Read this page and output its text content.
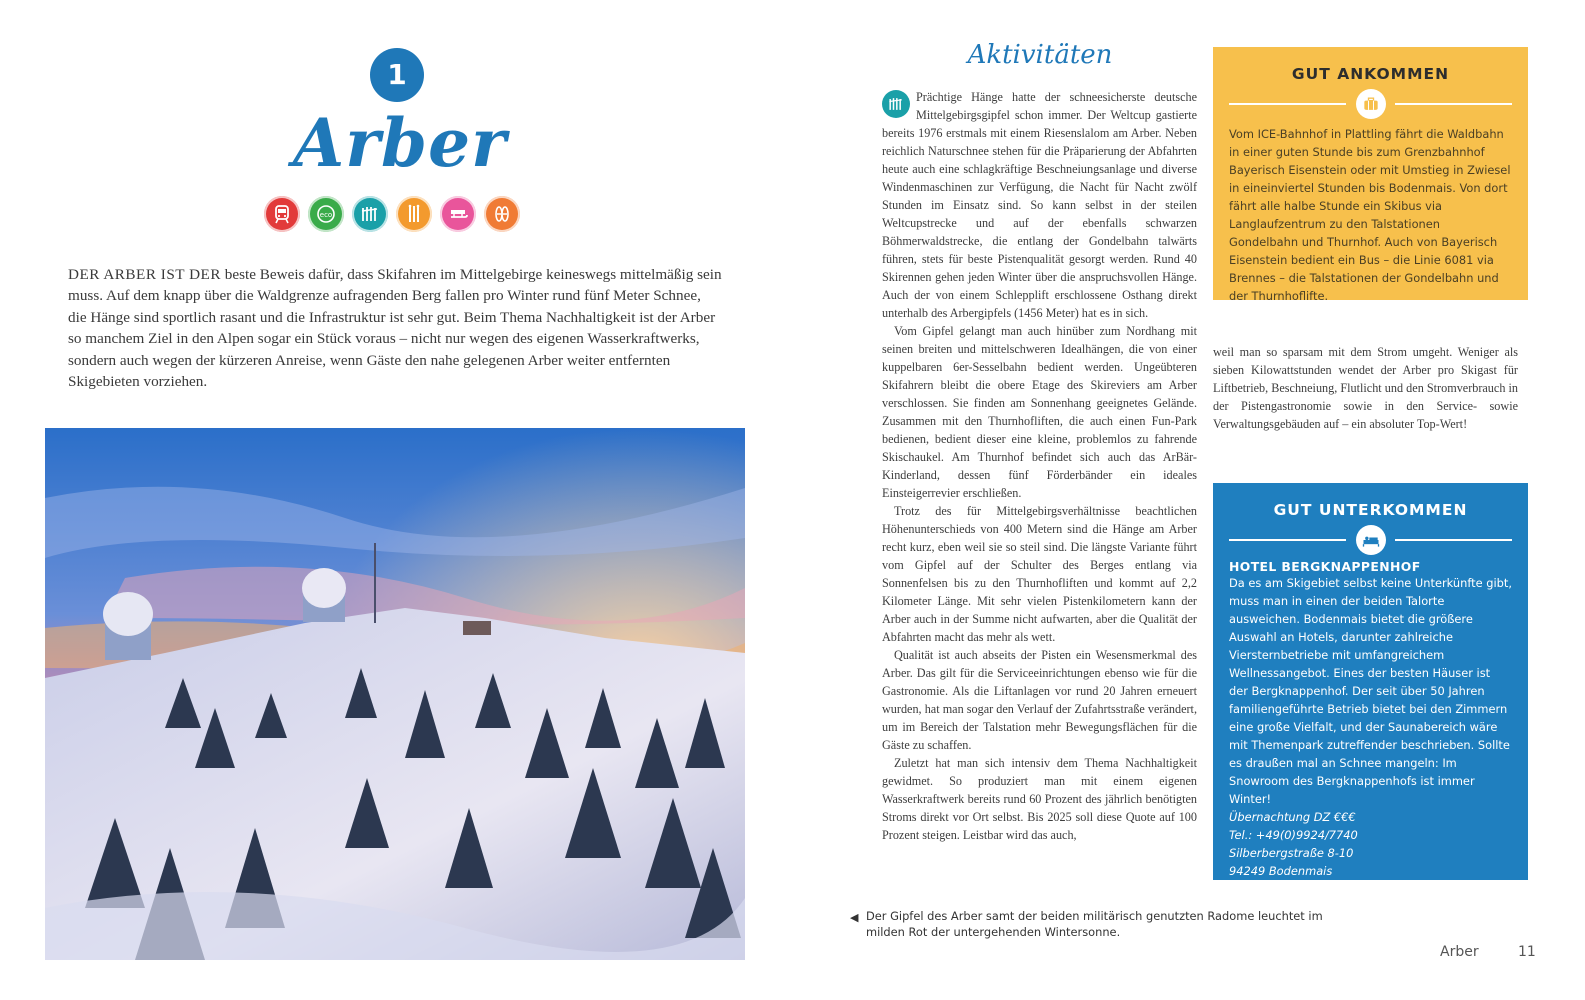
1
Arber
eco
DER ARBER IST DER beste Beweis dafür, dass Skifahren im Mittelgebirge keineswegs mittelmäßig sein muss. Auf dem knapp über die Waldgrenze aufragenden Berg fallen pro Winter rund fünf Meter Schnee, die Hänge sind sportlich rasant und die Infrastruktur ist sehr gut. Beim Thema Nachhaltigkeit ist der Arber so manchem Ziel in den Alpen sogar ein Stück voraus – nicht nur wegen des eigenen Wasserkraftwerks, sondern auch wegen der kürzeren Anreise, wenn Gäste den nahe gelegenen Arber weiter entfernten Skigebieten vorziehen.
Aktivitäten

Prächtige Hänge hatte der schneesicherste deutsche Mittelgebirgsgipfel schon immer. Der Weltcup gastierte bereits 1976 erstmals mit einem Riesenslalom am Arber. Neben reichlich Naturschnee stehen für die Präparierung der Abfahrten heute auch eine schlagkräftige Beschneiungsanlage und diverse Windenmaschinen zur Verfügung, die Nacht für Nacht zwölf Stunden im Einsatz sind. So kann selbst in der steilen Weltcupstrecke und auf der ebenfalls schwarzen Böhmerwaldstrecke, die entlang der Gondelbahn talwärts führen, stets für beste Pistenqualität gesorgt werden. Rund 40 Skirennen gehen jeden Winter über die anspruchsvollen Hänge. Auch der von einem Schlepplift erschlossene Osthang direkt unterhalb des Arbergipfels (1456 Meter) hat es in sich.

Vom Gipfel gelangt man auch hinüber zum Nordhang mit seinen breiten und mittelschweren Idealhängen, die von einer kuppelbaren 6er-Sesselbahn bedient werden. Ungeübteren Skifahrern bleibt die obere Etage des Skireviers am Arber verschlossen. Sie finden am Sonnenhang geeignetes Gelände. Zusammen mit den Thurnhofliften, die auch einen Fun-Park bedienen, bedient dieser eine kleine, problemlos zu fahrende Skischaukel. Am Thurnhof befindet sich auch das ArBär-Kinderland, dessen fünf Förderbänder ein ideales Einsteigerrevier erschließen.

Trotz des für Mittelgebirgsverhältnisse beachtlichen Höhenunterschieds von 400 Metern sind die Hänge am Arber recht kurz, eben weil sie so steil sind. Die längste Variante führt vom Gipfel auf der Schulter des Berges entlang via Sonnenfelsen bis zu den Thurnhofliften und kommt auf 2,2 Kilometer Länge. Mit sehr vielen Pistenkilometern kann der Arber auch in der Summe nicht aufwarten, aber die Qualität der Abfahrten macht das mehr als wett.

Qualität ist auch abseits der Pisten ein Wesensmerkmal des Arber. Das gilt für die Serviceeinrichtungen ebenso wie für die Gastronomie. Als die Liftanlagen vor rund 20 Jahren erneuert wurden, hat man sogar den Verlauf der Zufahrtsstraße verändert, um im Bereich der Talstation mehr Bewegungsflächen für die Gäste zu schaffen.

Zuletzt hat man sich intensiv dem Thema Nachhaltigkeit gewidmet. So produziert man mit einem eigenen Wasserkraftwerk bereits rund 60 Prozent des jährlich benötigten Stroms direkt vor Ort selbst. Bis 2025 soll diese Quote auf 100 Prozent steigen. Leistbar wird das auch,

GUT ANKOMMEN
Vom ICE-Bahnhof in Plattling fährt die Waldbahn in einer guten Stunde bis zum Grenzbahnhof Bayerisch Eisenstein oder mit Umstieg in Zwiesel in eineinviertel Stunden bis Bodenmais. Von dort fährt alle halbe Stunde ein Skibus via Langlaufzentrum zu den Talstationen Gondelbahn und Thurnhof. Auch von Bayerisch Eisenstein bedient ein Bus – die Linie 6081 via Brennes – die Talstationen der Gondelbahn und der Thurnhoflifte.

weil man so sparsam mit dem Strom umgeht. Weniger als sieben Kilowattstunden wendet der Arber pro Skigast für Liftbetrieb, Beschneiung, Flutlicht und den Stromverbrauch in der Pistengastronomie sowie in den Service- sowie Verwaltungsgebäuden auf – ein absoluter Top-Wert!

GUT UNTERKOMMEN
HOTEL BERGKNAPPENHOF
Da es am Skigebiet selbst keine Unterkünfte gibt, muss man in einen der beiden Talorte ausweichen. Bodenmais bietet die größere Auswahl an Hotels, darunter zahlreiche Viersternbetriebe mit umfangreichem Wellnessangebot. Eines der besten Häuser ist der Bergknappenhof. Der seit über 50 Jahren familiengeführte Betrieb bietet bei den Zimmern eine große Vielfalt, und der Saunabereich wäre mit Themenpark zutreffender beschrieben. Sollte es draußen mal an Schnee mangeln: Im Snowroom des Bergknappenhofs ist immer Winter!
Übernachtung DZ €€€
Tel.: +49(0)9924/7740
Silberbergstraße 8-10
94249 Bodenmais
www.bergknappenhof.de
◀ Der Gipfel des Arber samt der beiden militärisch genutzten Radome leuchtet im milden Rot der untergehenden Wintersonne.
Arber	11
